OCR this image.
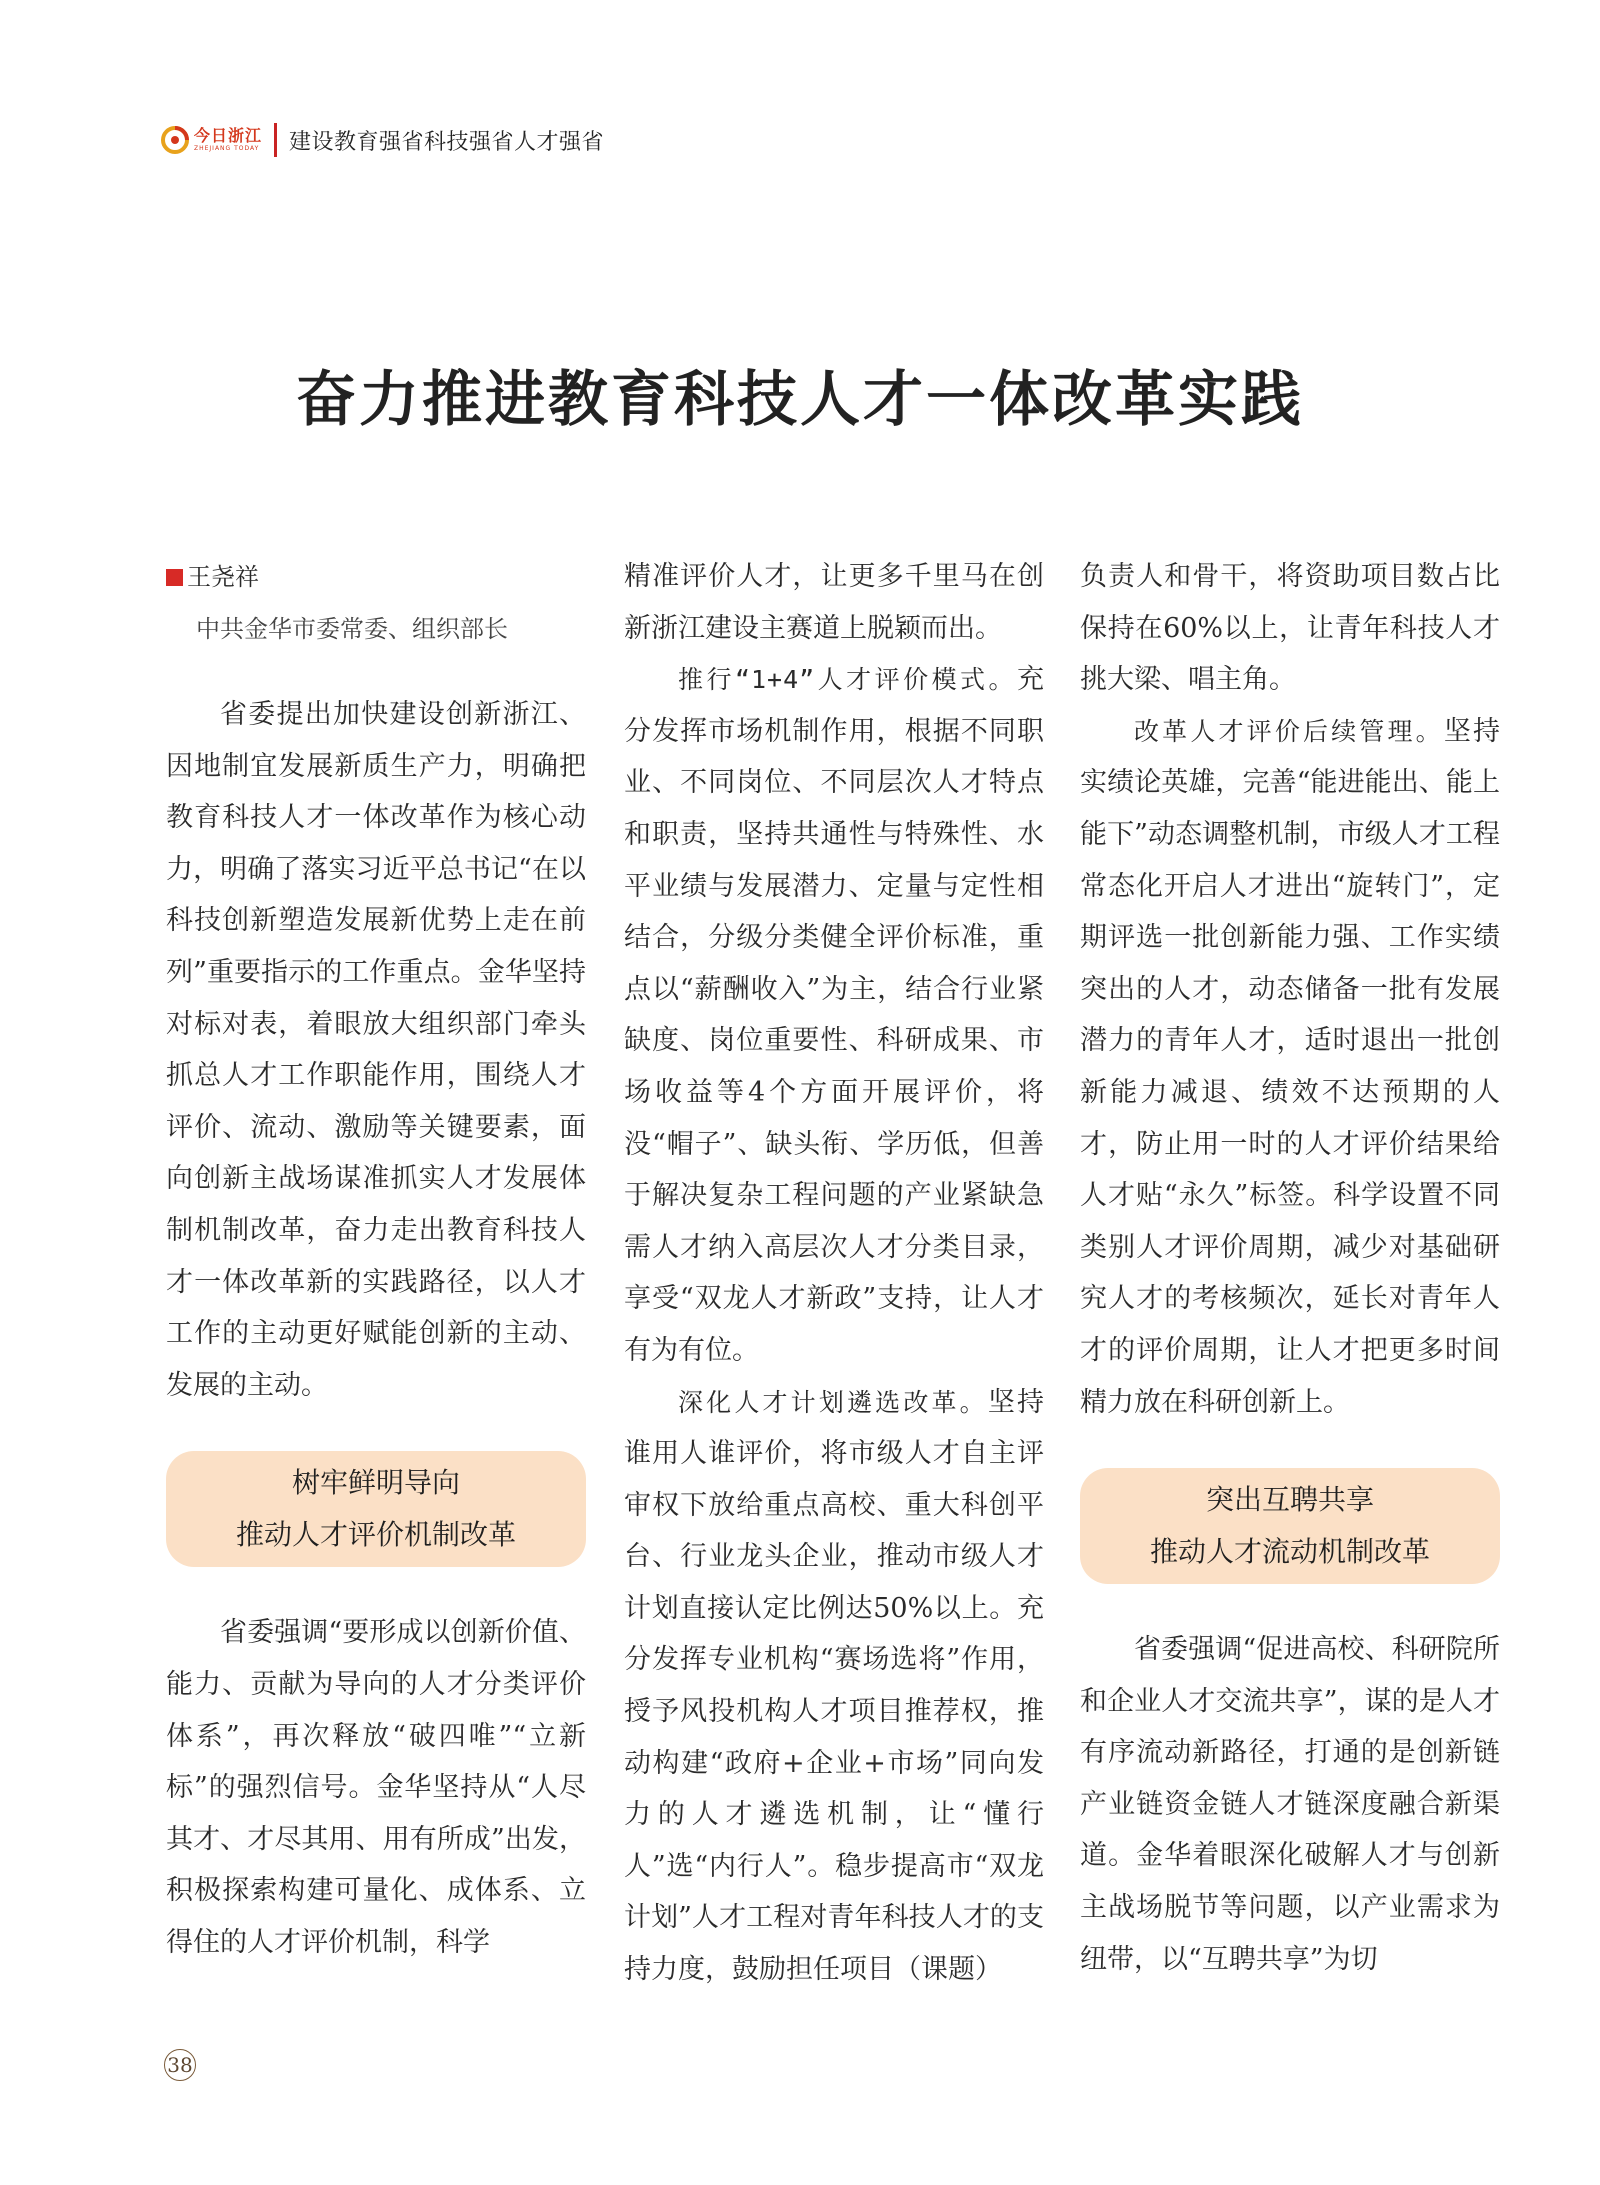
今日浙江
ZHEJIANG TODAY 建设教育强省科技强省人才强省
奋力推进教育科技人才一体改革实践
王尧祥
中共金华市委常委、组织部长

省委提出加快建设创新浙江、因地制宜发展新质生产力，明确把教育科技人才一体改革作为核心动力，明确了落实习近平总书记“在以科技创新塑造发展新优势上走在前列”重要指示的工作重点。金华坚持对标对表，着眼放大组织部门牵头抓总人才工作职能作用，围绕人才评价、流动、激励等关键要素，面向创新主战场谋准抓实人才发展体制机制改革，奋力走出教育科技人才一体改革新的实践路径，以人才工作的主动更好赋能创新的主动、发展的主动。

树牢鲜明导向
推动人才评价机制改革

省委强调“要形成以创新价值、能力、贡献为导向的人才分类评价体系”，再次释放“破四唯”“立新标”的强烈信号。金华坚持从“人尽其才、才尽其用、用有所成”出发，积极探索构建可量化、成体系、立得住的人才评价机制，科学

精准评价人才，让更多千里马在创新浙江建设主赛道上脱颖而出。

推行“1+4”人才评价模式。充分发挥市场机制作用，根据不同职业、不同岗位、不同层次人才特点和职责，坚持共通性与特殊性、水平业绩与发展潜力、定量与定性相结合，分级分类健全评价标准，重点以“薪酬收入”为主，结合行业紧缺度、岗位重要性、科研成果、市场收益等4个方面开展评价，将没“帽子”、缺头衔、学历低，但善于解决复杂工程问题的产业紧缺急需人才纳入高层次人才分类目录，享受“双龙人才新政”支持，让人才有为有位。

深化人才计划遴选改革。坚持谁用人谁评价，将市级人才自主评审权下放给重点高校、重大科创平台、行业龙头企业，推动市级人才计划直接认定比例达50%以上。充分发挥专业机构“赛场选将”作用，授予风投机构人才项目推荐权，推动构建“政府+企业+市场”同向发力的人才遴选机制，让“懂行人”选“内行人”。稳步提高市“双龙计划”人才工程对青年科技人才的支持力度，鼓励担任项目（课题）

负责人和骨干，将资助项目数占比保持在60%以上，让青年科技人才挑大梁、唱主角。

改革人才评价后续管理。坚持实绩论英雄，完善“能进能出、能上能下”动态调整机制，市级人才工程常态化开启人才进出“旋转门”，定期评选一批创新能力强、工作实绩突出的人才，动态储备一批有发展潜力的青年人才，适时退出一批创新能力减退、绩效不达预期的人才，防止用一时的人才评价结果给人才贴“永久”标签。科学设置不同类别人才评价周期，减少对基础研究人才的考核频次，延长对青年人才的评价周期，让人才把更多时间精力放在科研创新上。

突出互聘共享
推动人才流动机制改革

省委强调“促进高校、科研院所和企业人才交流共享”，谋的是人才有序流动新路径，打通的是创新链产业链资金链人才链深度融合新渠道。金华着眼深化破解人才与创新主战场脱节等问题，以产业需求为纽带，以“互聘共享”为切

38
